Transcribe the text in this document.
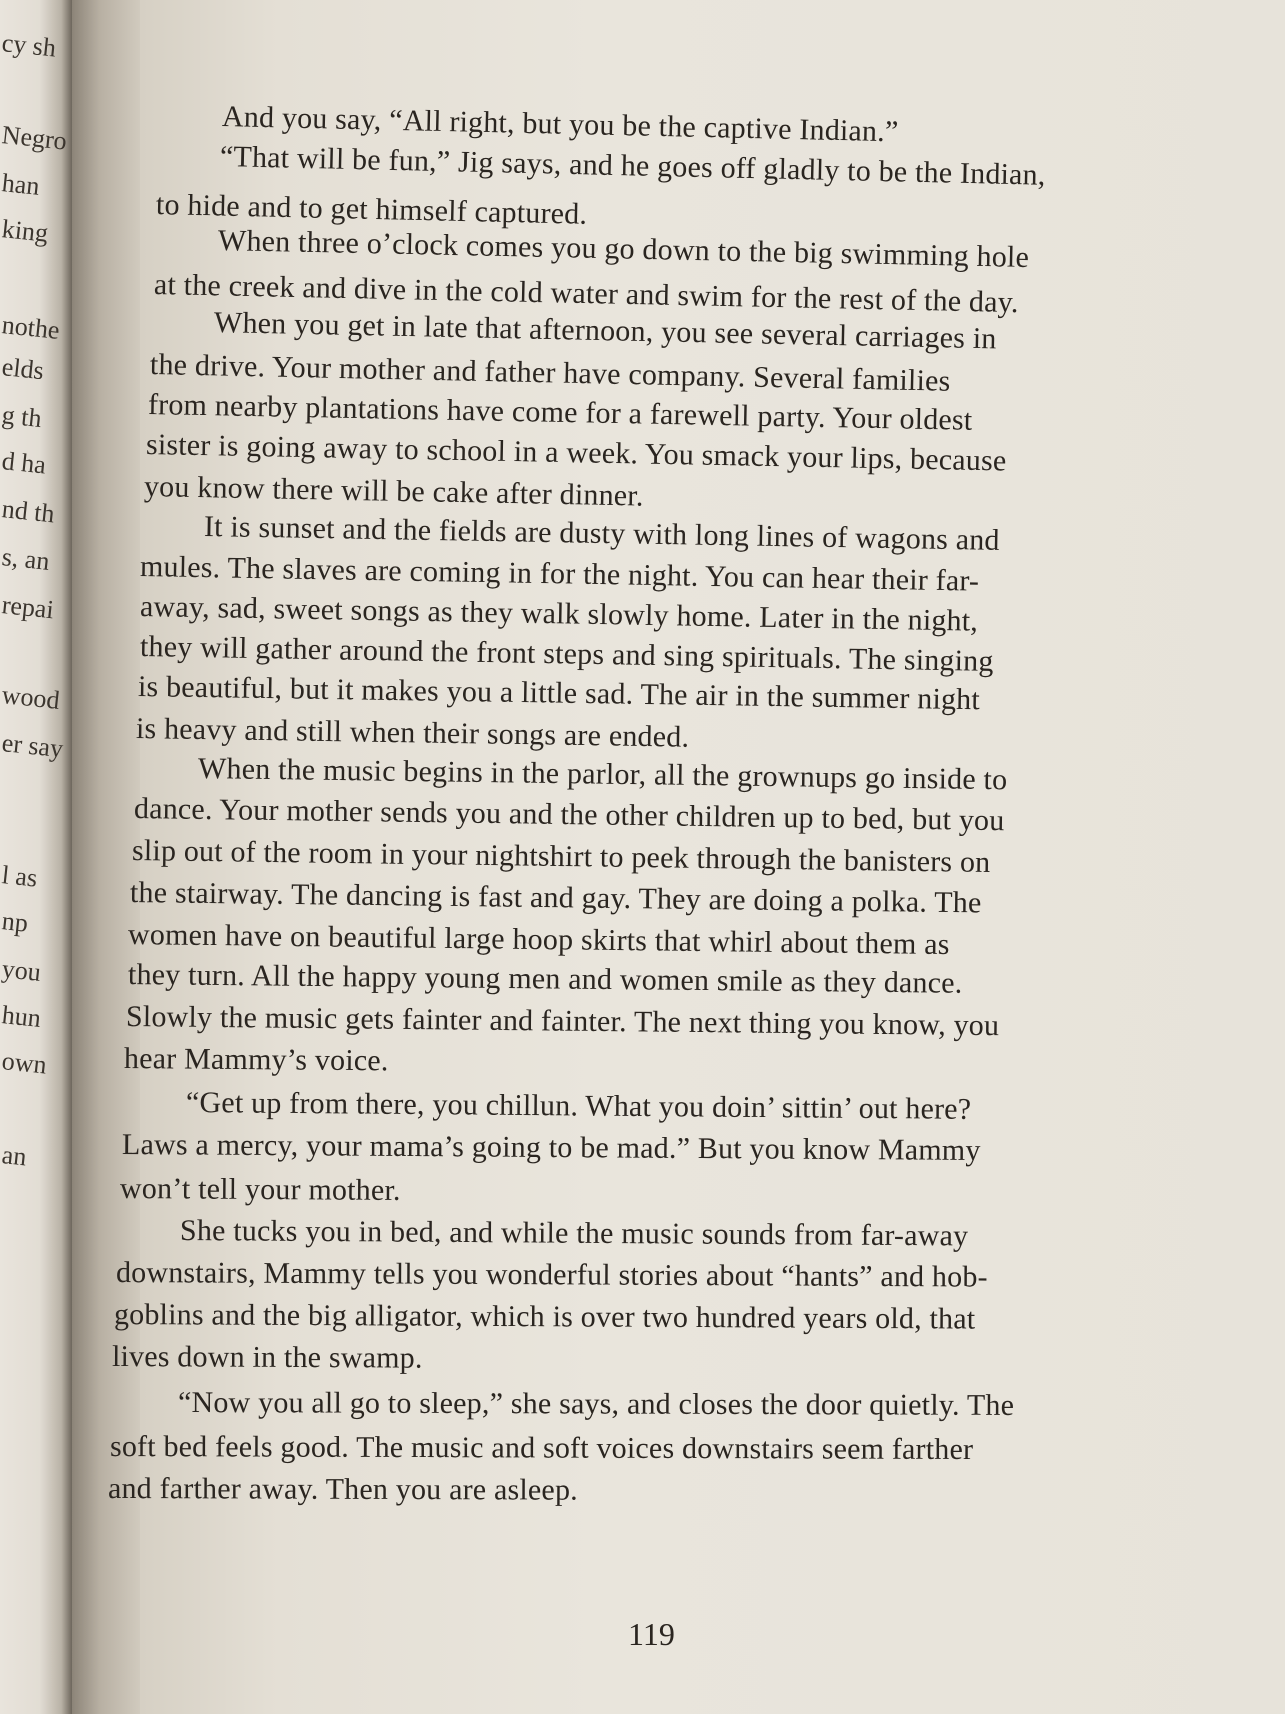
cy sh
Negro
han
king
nothe
elds
g th
d ha
nd th
s, an
repai
wood
er say
l as
np
you
hun
own
an
And you say, “All right, but you be the captive Indian.”
“That will be fun,” Jig says, and he goes off gladly to be the Indian,
to hide and to get himself captured.
When three o’clock comes you go down to the big swimming hole
at the creek and dive in the cold water and swim for the rest of the day.
When you get in late that afternoon, you see several carriages in
the drive. Your mother and father have company. Several families
from nearby plantations have come for a farewell party. Your oldest
sister is going away to school in a week. You smack your lips, because
you know there will be cake after dinner.
It is sunset and the fields are dusty with long lines of wagons and
mules. The slaves are coming in for the night. You can hear their far-
away, sad, sweet songs as they walk slowly home. Later in the night,
they will gather around the front steps and sing spirituals. The singing
is beautiful, but it makes you a little sad. The air in the summer night
is heavy and still when their songs are ended.
When the music begins in the parlor, all the grownups go inside to
dance. Your mother sends you and the other children up to bed, but you
slip out of the room in your nightshirt to peek through the banisters on
the stairway. The dancing is fast and gay. They are doing a polka. The
women have on beautiful large hoop skirts that whirl about them as
they turn. All the happy young men and women smile as they dance.
Slowly the music gets fainter and fainter. The next thing you know, you
hear Mammy’s voice.
“Get up from there, you chillun. What you doin’ sittin’ out here?
Laws a mercy, your mama’s going to be mad.” But you know Mammy
won’t tell your mother.
She tucks you in bed, and while the music sounds from far-away
downstairs, Mammy tells you wonderful stories about “hants” and hob-
goblins and the big alligator, which is over two hundred years old, that
lives down in the swamp.
“Now you all go to sleep,” she says, and closes the door quietly. The
soft bed feels good. The music and soft voices downstairs seem farther
and farther away. Then you are asleep.
119
